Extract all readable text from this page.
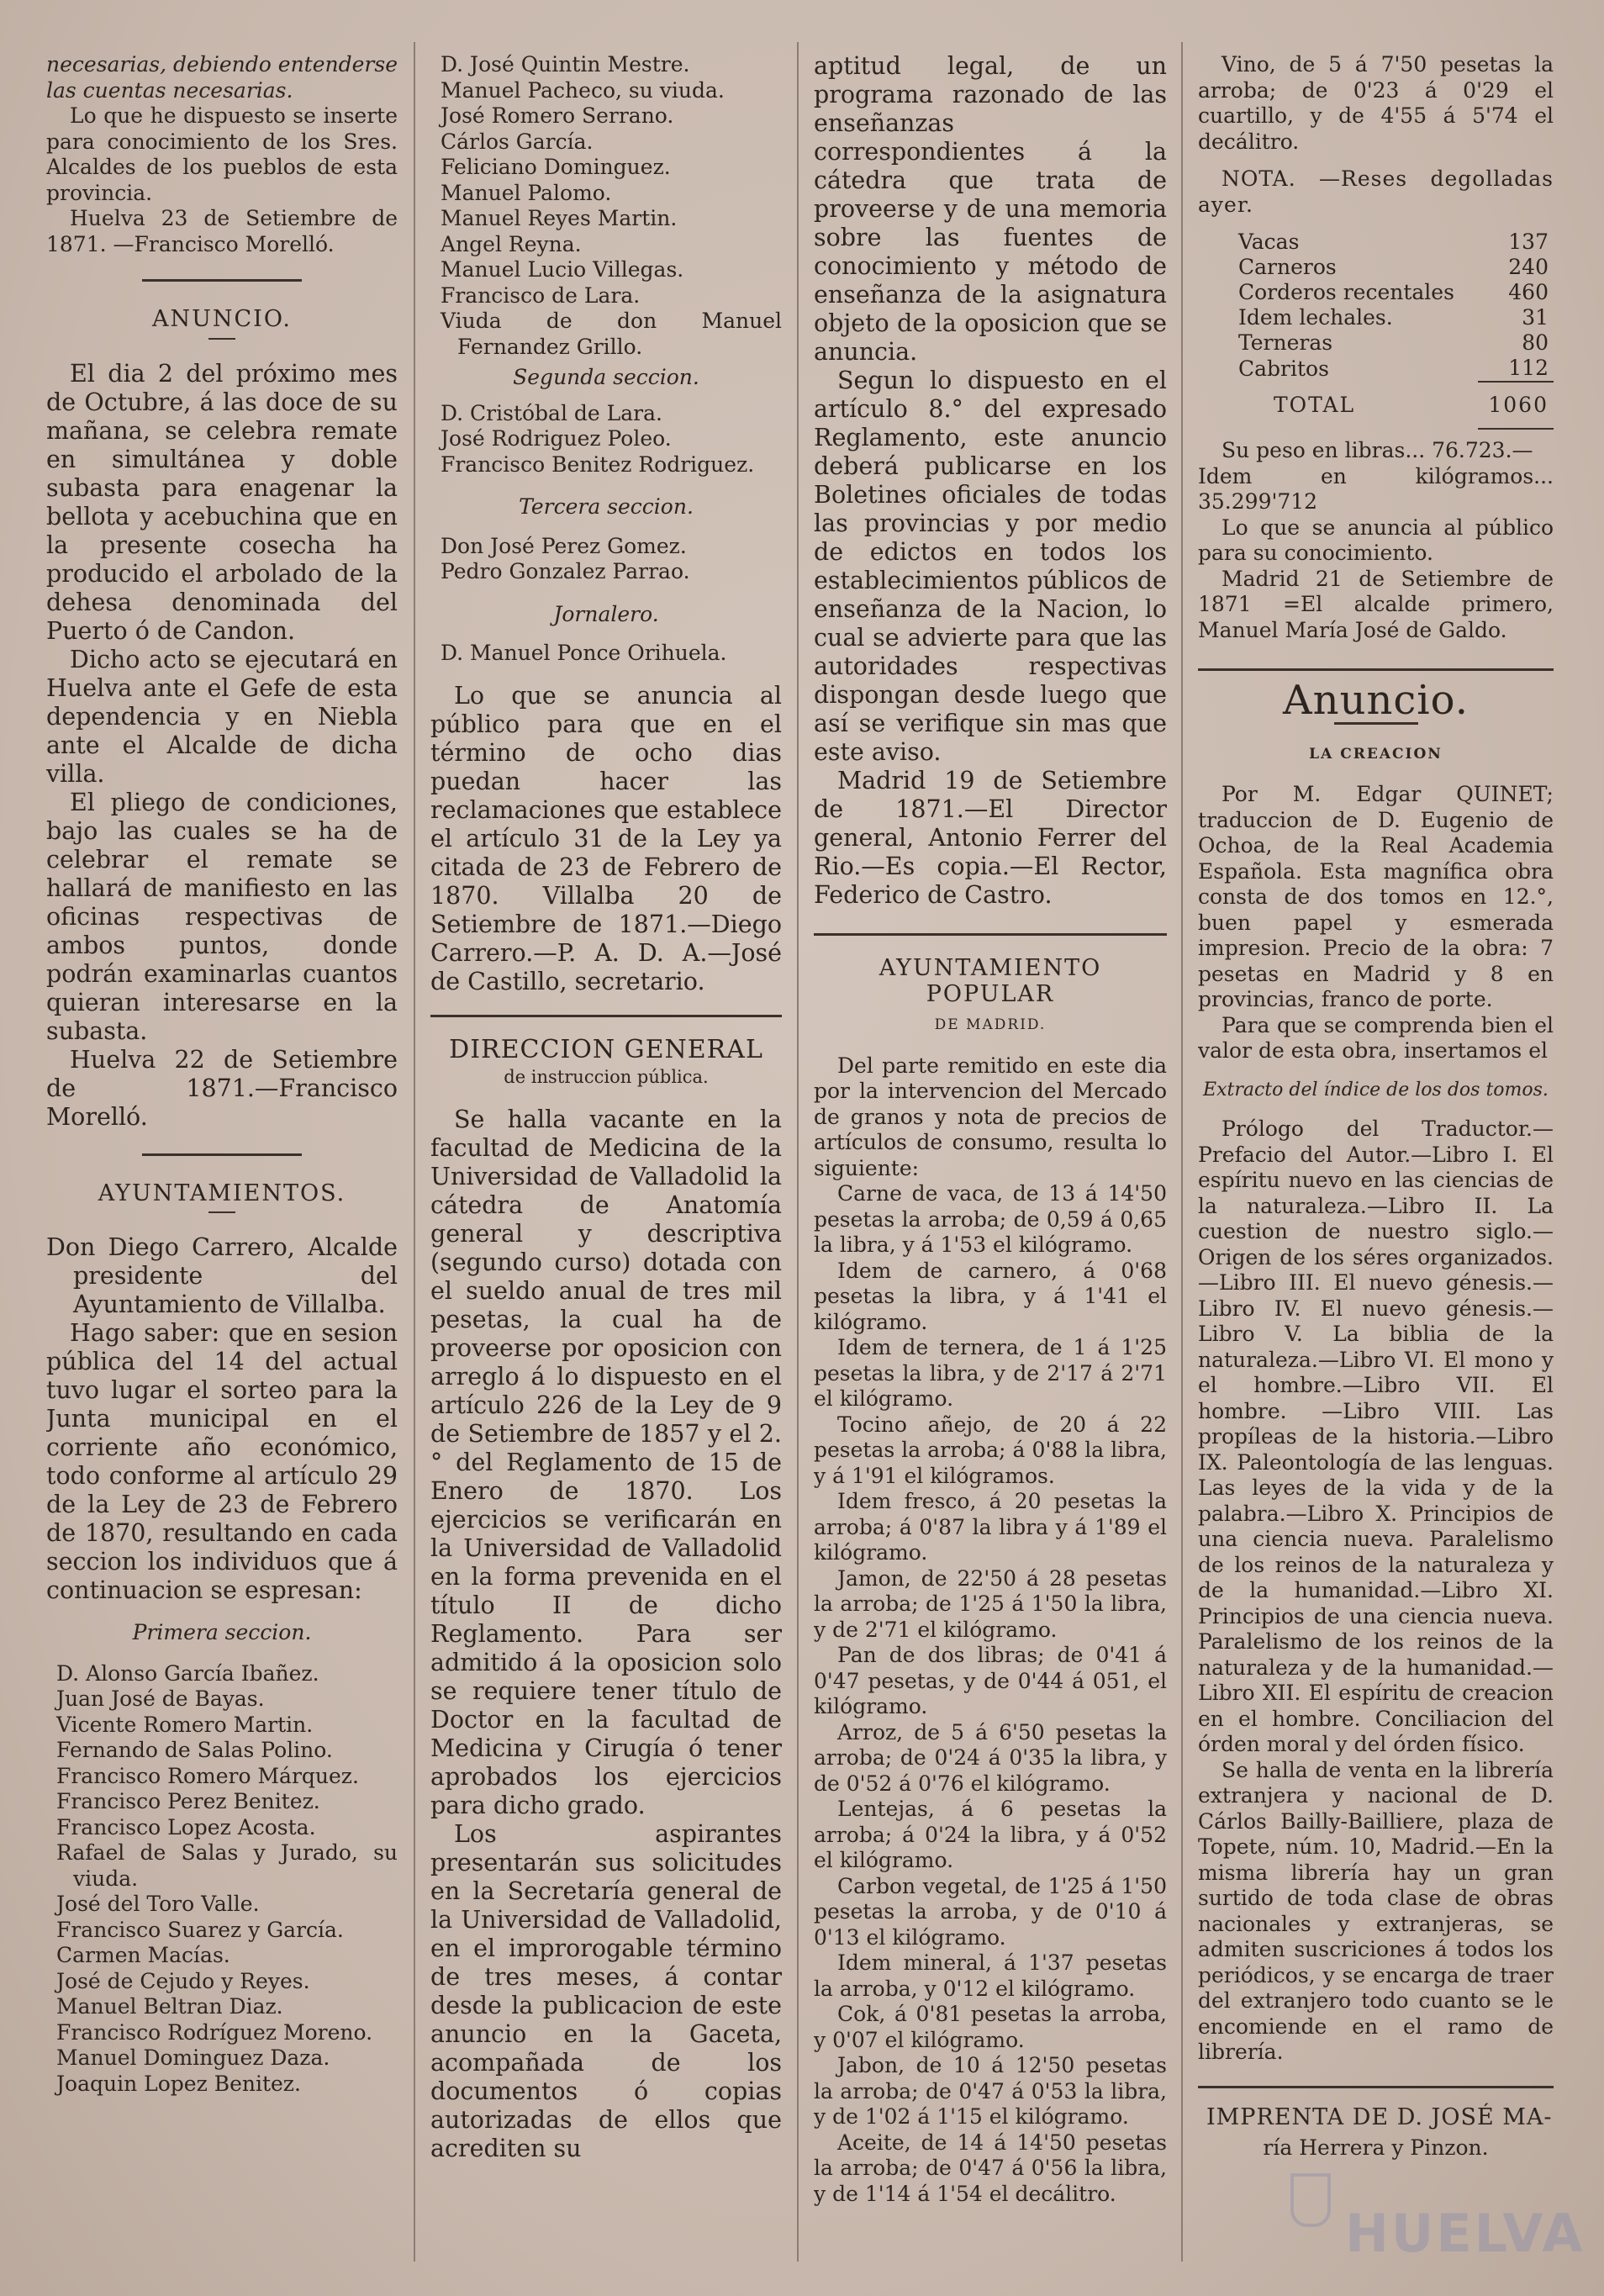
necesarias, debiendo entenderse las cuentas necesarias.

Lo que he dispuesto se inserte para conocimiento de los Sres. Alcaldes de los pueblos de esta provincia.

Huelva 23 de Setiembre de 1871. —Francisco Morelló.

ANUNCIO.

El dia 2 del próximo mes de Octubre, á las doce de su mañana, se celebra remate en simultánea y doble subasta para enagenar la bellota y acebuchina que en la presente cosecha ha producido el arbolado de la dehesa denominada del Puerto ó de Candon.

Dicho acto se ejecutará en Huelva ante el Gefe de esta dependencia y en Niebla ante el Alcalde de dicha villa.

El pliego de condiciones, bajo las cuales se ha de celebrar el remate se hallará de manifiesto en las oficinas respectivas de ambos puntos, donde podrán examinarlas cuantos quieran interesarse en la subasta.

Huelva 22 de Setiembre de 1871.—Francisco Morelló.

AYUNTAMIENTOS.

Don Diego Carrero, Alcalde presidente del Ayuntamiento de Villalba.

Hago saber: que en sesion pública del 14 del actual tuvo lugar el sorteo para la Junta municipal en el corriente año económico, todo conforme al artículo 29 de la Ley de 23 de Febrero de 1870, resultando en cada seccion los individuos que á continuacion se espresan:

Primera seccion.

D. Alonso García Ibañez.

Juan José de Bayas.

Vicente Romero Martin.

Fernando de Salas Polino.

Francisco Romero Márquez.

Francisco Perez Benitez.

Francisco Lopez Acosta.

Rafael de Salas y Jurado, su viuda.

José del Toro Valle.

Francisco Suarez y García.

Carmen Macías.

José de Cejudo y Reyes.

Manuel Beltran Diaz.

Francisco Rodríguez Moreno.

Manuel Dominguez Daza.

Joaquin Lopez Benitez.

D. José Quintin Mestre.

Manuel Pacheco, su viuda.

José Romero Serrano.

Cárlos García.

Feliciano Dominguez.

Manuel Palomo.

Manuel Reyes Martin.

Angel Reyna.

Manuel Lucio Villegas.

Francisco de Lara.

Viuda de don Manuel Fernandez Grillo.

Segunda seccion.

D. Cristóbal de Lara.

José Rodriguez Poleo.

Francisco Benitez Rodriguez.

Tercera seccion.

Don José Perez Gomez.

Pedro Gonzalez Parrao.

Jornalero.

D. Manuel Ponce Orihuela.

Lo que se anuncia al público para que en el término de ocho dias puedan hacer las reclamaciones que establece el artículo 31 de la Ley ya citada de 23 de Febrero de 1870. Villalba 20 de Setiembre de 1871.—Diego Carrero.—P. A. D. A.—José de Castillo, secretario.

DIRECCION GENERAL

de instruccion pública.

Se halla vacante en la facultad de Medicina de la Universidad de Valladolid la cátedra de Anatomía general y descriptiva (segundo curso) dotada con el sueldo anual de tres mil pesetas, la cual ha de proveerse por oposicion con arreglo á lo dispuesto en el artículo 226 de la Ley de 9 de Setiembre de 1857 y el 2.° del Reglamento de 15 de Enero de 1870. Los ejercicios se verificarán en la Universidad de Valladolid en la forma prevenida en el título II de dicho Reglamento. Para ser admitido á la oposicion solo se requiere tener título de Doctor en la facultad de Medicina y Cirugía ó tener aprobados los ejercicios para dicho grado.

Los aspirantes presentarán sus solicitudes en la Secretaría general de la Universidad de Valladolid, en el improrogable término de tres meses, á contar desde la publicacion de este anuncio en la Gaceta, acompañada de los documentos ó copias autorizadas de ellos que acrediten su

aptitud legal, de un programa razonado de las enseñanzas correspondientes á la cátedra que trata de proveerse y de una memoria sobre las fuentes de conocimiento y método de enseñanza de la asignatura objeto de la oposicion que se anuncia.

Segun lo dispuesto en el artículo 8.° del expresado Reglamento, este anuncio deberá publicarse en los Boletines oficiales de todas las provincias y por medio de edictos en todos los establecimientos públicos de enseñanza de la Nacion, lo cual se advierte para que las autoridades respectivas dispongan desde luego que así se verifique sin mas que este aviso.

Madrid 19 de Setiembre de 1871.—El Director general, Antonio Ferrer del Rio.—Es copia.—El Rector, Federico de Castro.

AYUNTAMIENTO POPULAR

DE MADRID.

Del parte remitido en este dia por la intervencion del Mercado de granos y nota de precios de artículos de consumo, resulta lo siguiente:

Carne de vaca, de 13 á 14'50 pesetas la arroba; de 0,59 á 0,65 la libra, y á 1'53 el kilógramo.

Idem de carnero, á 0'68 pesetas la libra, y á 1'41 el kilógramo.

Idem de ternera, de 1 á 1'25 pesetas la libra, y de 2'17 á 2'71 el kilógramo.

Tocino añejo, de 20 á 22 pesetas la arroba; á 0'88 la libra, y á 1'91 el kilógramos.

Idem fresco, á 20 pesetas la arroba; á 0'87 la libra y á 1'89 el kilógramo.

Jamon, de 22'50 á 28 pesetas la arroba; de 1'25 á 1'50 la libra, y de 2'71 el kilógramo.

Pan de dos libras; de 0'41 á 0'47 pesetas, y de 0'44 á 051, el kilógramo.

Arroz, de 5 á 6'50 pesetas la arroba; de 0'24 á 0'35 la libra, y de 0'52 á 0'76 el kilógramo.

Lentejas, á 6 pesetas la arroba; á 0'24 la libra, y á 0'52 el kilógramo.

Carbon vegetal, de 1'25 á 1'50 pesetas la arroba, y de 0'10 á 0'13 el kilógramo.

Idem mineral, á 1'37 pesetas la arroba, y 0'12 el kilógramo.

Cok, á 0'81 pesetas la arroba, y 0'07 el kilógramo.

Jabon, de 10 á 12'50 pesetas la arroba; de 0'47 á 0'53 la libra, y de 1'02 á 1'15 el kilógramo.

Aceite, de 14 á 14'50 pesetas la arroba; de 0'47 á 0'56 la libra, y de 1'14 á 1'54 el decálitro.

Vino, de 5 á 7'50 pesetas la arroba; de 0'23 á 0'29 el cuartillo, y de 4'55 á 5'74 el decálitro.

NOTA. —Reses degolladas ayer.

Vacas	137
Carneros	240
Corderos recentales	460
Idem lechales.	31
Terneras	80
Cabritos	112
TOTAL	1060

Su peso en libras... 76.723.—

Idem en kilógramos... 35.299'712

Lo que se anuncia al público para su conocimiento.

Madrid 21 de Setiembre de 1871 =El alcalde primero, Manuel María José de Galdo.

Anuncio.

LA CREACION

Por M. Edgar QUINET; traduccion de D. Eugenio de Ochoa, de la Real Academia Española. Esta magnífica obra consta de dos tomos en 12.°, buen papel y esmerada impresion. Precio de la obra: 7 pesetas en Madrid y 8 en provincias, franco de porte.

Para que se comprenda bien el valor de esta obra, insertamos el

Extracto del índice de los dos tomos.

Prólogo del Traductor.—Prefacio del Autor.—Libro I. El espíritu nuevo en las ciencias de la naturaleza.—Libro II. La cuestion de nuestro siglo.—Origen de los séres organizados.—Libro III. El nuevo génesis.—Libro IV. El nuevo génesis.—Libro V. La biblia de la naturaleza.—Libro VI. El mono y el hombre.—Libro VII. El hombre. —Libro VIII. Las propíleas de la historia.—Libro IX. Paleontología de las lenguas. Las leyes de la vida y de la palabra.—Libro X. Principios de una ciencia nueva. Paralelismo de los reinos de la naturaleza y de la humanidad.—Libro XI. Principios de una ciencia nueva. Paralelismo de los reinos de la naturaleza y de la humanidad.—Libro XII. El espíritu de creacion en el hombre. Conciliacion del órden moral y del órden físico.

Se halla de venta en la librería extranjera y nacional de D. Cárlos Bailly-Bailliere, plaza de Topete, núm. 10, Madrid.—En la misma librería hay un gran surtido de toda clase de obras nacionales y extranjeras, se admiten suscriciones á todos los periódicos, y se encarga de traer del extranjero todo cuanto se le encomiende en el ramo de librería.

IMPRENTA DE D. JOSÉ MA-

ría Herrera y Pinzon.

HUELVA
